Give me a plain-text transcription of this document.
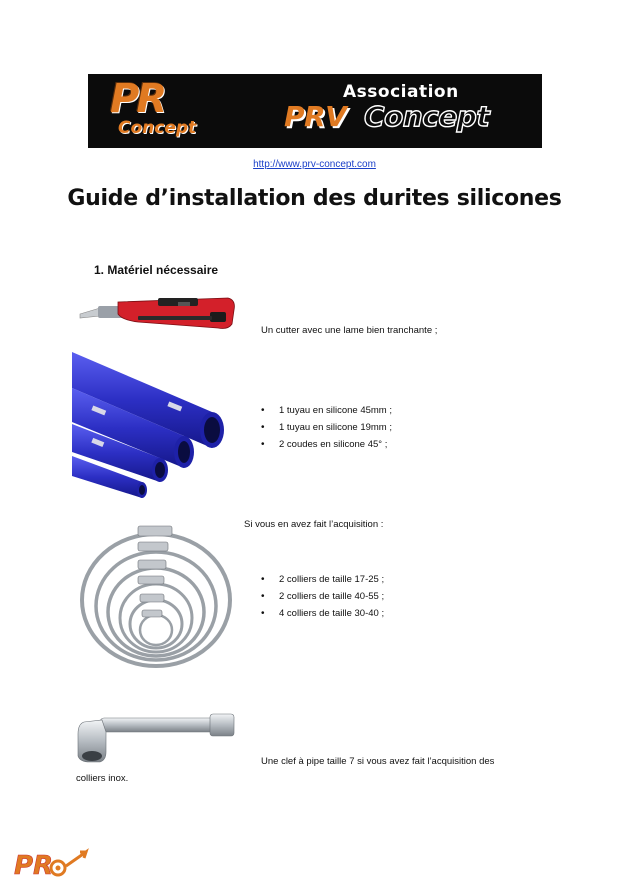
PR
Concept
Association
PRV Concept
http://www.prv-concept.com
Guide d’installation des durites silicones
1. Matériel nécessaire
Un cutter avec une lame bien tranchante ;
• 1 tuyau en silicone 45mm ;
• 1 tuyau en silicone 19mm ;
• 2 coudes en silicone 45° ;
Si vous en avez fait l’acquisition :
• 2 colliers de taille 17-25 ;
• 2 colliers de taille 40-55 ;
• 4 colliers de taille 30-40 ;
Une clef à pipe taille 7 si vous avez fait l’acquisition des
colliers inox.
PR
